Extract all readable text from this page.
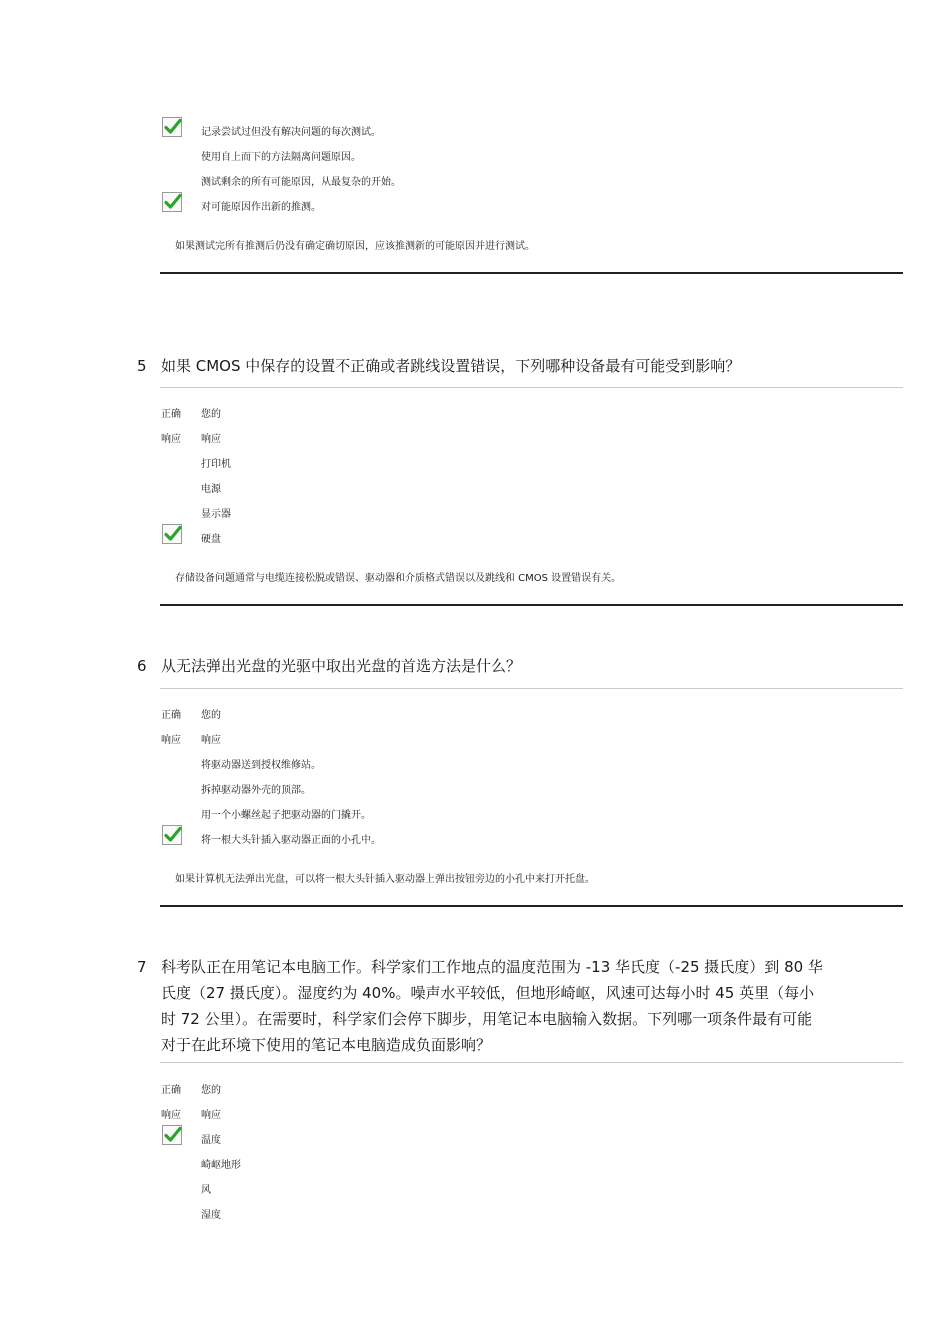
记录尝试过但没有解决问题的每次测试。
使用自上而下的方法隔离问题原因。
测试剩余的所有可能原因，从最复杂的开始。
对可能原因作出新的推测。
如果测试完所有推测后仍没有确定确切原因，应该推测新的可能原因并进行测试。
5 如果 CMOS 中保存的设置不正确或者跳线设置错误，下列哪种设备最有可能受到影响？
正确 您的
响应 响应
打印机
电源
显示器
硬盘
存储设备问题通常与电缆连接松脱或错误、驱动器和介质格式错误以及跳线和 CMOS 设置错误有关。
6 从无法弹出光盘的光驱中取出光盘的首选方法是什么？
正确 您的
响应 响应
将驱动器送到授权维修站。
拆掉驱动器外壳的顶部。
用一个小螺丝起子把驱动器的门撬开。
将一根大头针插入驱动器正面的小孔中。
如果计算机无法弹出光盘，可以将一根大头针插入驱动器上弹出按钮旁边的小孔中来打开托盘。
7 科考队正在用笔记本电脑工作。科学家们工作地点的温度范围为 -13 华氏度（-25 摄氏度）到 80 华
氏度（27 摄氏度）。湿度约为 40%。噪声水平较低，但地形崎岖，风速可达每小时 45 英里（每小
时 72 公里）。在需要时，科学家们会停下脚步，用笔记本电脑输入数据。下列哪一项条件最有可能
对于在此环境下使用的笔记本电脑造成负面影响？
正确 您的
响应 响应
温度
崎岖地形
风
湿度
